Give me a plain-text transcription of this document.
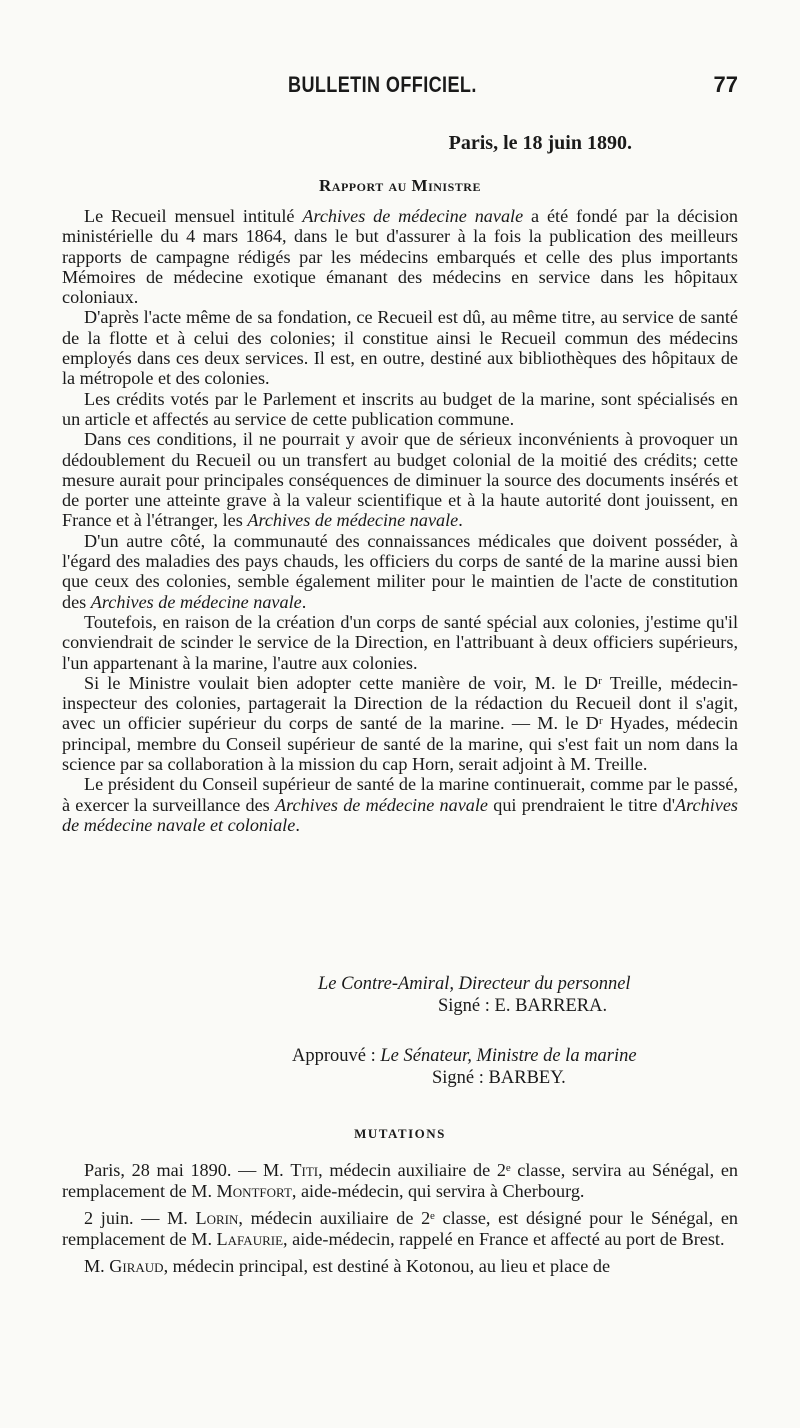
BULLETIN OFFICIEL.	77
Paris, le 18 juin 1890.
Rapport au Ministre

Le Recueil mensuel intitulé Archives de médecine navale a été fondé par la décision ministérielle du 4 mars 1864, dans le but d'assurer à la fois la publication des meilleurs rapports de campagne rédigés par les médecins embarqués et celle des plus importants Mémoires de médecine exotique émanant des médecins en service dans les hôpitaux coloniaux.

D'après l'acte même de sa fondation, ce Recueil est dû, au même titre, au service de santé de la flotte et à celui des colonies; il constitue ainsi le Recueil commun des médecins employés dans ces deux services. Il est, en outre, destiné aux bibliothèques des hôpitaux de la métropole et des colonies.

Les crédits votés par le Parlement et inscrits au budget de la marine, sont spécialisés en un article et affectés au service de cette publication commune.

Dans ces conditions, il ne pourrait y avoir que de sérieux inconvénients à provoquer un dédoublement du Recueil ou un transfert au budget colonial de la moitié des crédits; cette mesure aurait pour principales conséquences de diminuer la source des documents insérés et de porter une atteinte grave à la valeur scientifique et à la haute autorité dont jouissent, en France et à l'étranger, les Archives de médecine navale.

D'un autre côté, la communauté des connaissances médicales que doivent posséder, à l'égard des maladies des pays chauds, les officiers du corps de santé de la marine aussi bien que ceux des colonies, semble également militer pour le maintien de l'acte de constitution des Archives de médecine navale.

Toutefois, en raison de la création d'un corps de santé spécial aux colonies, j'estime qu'il conviendrait de scinder le service de la Direction, en l'attribuant à deux officiers supérieurs, l'un appartenant à la marine, l'autre aux colonies.

Si le Ministre voulait bien adopter cette manière de voir, M. le Dʳ Treille, médecin-inspecteur des colonies, partagerait la Direction de la rédaction du Recueil dont il s'agit, avec un officier supérieur du corps de santé de la marine. — M. le Dʳ Hyades, médecin principal, membre du Conseil supérieur de santé de la marine, qui s'est fait un nom dans la science par sa collaboration à la mission du cap Horn, serait adjoint à M. Treille.

Le président du Conseil supérieur de santé de la marine continuerait, comme par le passé, à exercer la surveillance des Archives de médecine navale qui prendraient le titre d'Archives de médecine navale et coloniale.

Le Contre-Amiral, Directeur du personnel
Signé : E. BARRERA.
Approuvé : Le Sénateur, Ministre de la marine
Signé : BARBEY.
MUTATIONS

Paris, 28 mai 1890. — M. Titi, médecin auxiliaire de 2ᵉ classe, servira au Sénégal, en remplacement de M. Montfort, aide-médecin, qui servira à Cherbourg.

2 juin. — M. Lorin, médecin auxiliaire de 2ᵉ classe, est désigné pour le Sénégal, en remplacement de M. Lafaurie, aide-médecin, rappelé en France et affecté au port de Brest.

M. Giraud, médecin principal, est destiné à Kotonou, au lieu et place de
